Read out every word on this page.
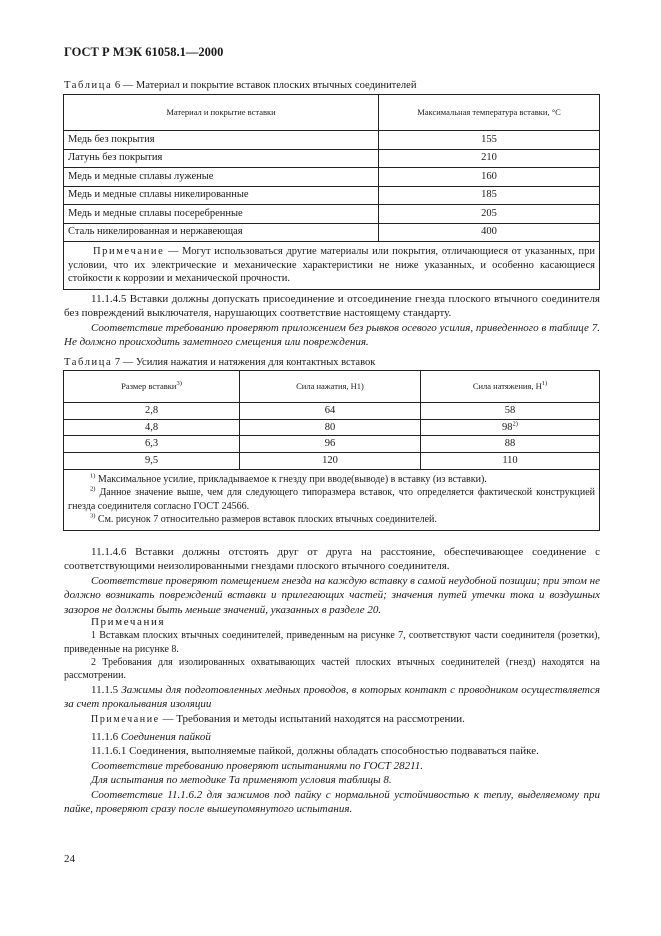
ГОСТ Р МЭК 61058.1—2000
Таблица 6 — Материал и покрытие вставок плоских втычных соединителей
Материал и покрытие вставки	Максимальная температура вставки, °С
Медь без покрытия	155
Латунь без покрытия	210
Медь и медные сплавы луженые	160
Медь и медные сплавы никелированные	185
Медь и медные сплавы посеребренные	205
Сталь никелированная и нержавеющая	400
Примечание — Могут использоваться другие материалы или покрытия, отличающиеся от указанных, при условии, что их электрические и механические характеристики не ниже указанных, и особенно касающиеся стойкости к коррозии и механической прочности.	
11.1.4.5 Вставки должны допускать присоединение и отсоединение гнезда плоского втычного соединителя без повреждений выключателя, нарушающих соответствие настоящему стандарту.
Соответствие требованию проверяют приложением без рывков осевого усилия, приведенного в таблице 7. Не должно происходить заметного смещения или повреждения.
Таблица 7 — Усилия нажатия и натяжения для контактных вставок
Размер вставки$^{3)}$	Сила нажатия, Н1)	Сила натяжения, $Н^{1)}$
2,8	64	58
4,8	80	98$^{2)}$
6,3	96	88
9,5	120	110

$^{1)}$ Максимальное усилие, прикладываемое к гнезду при вводе(выводе) в вставку (из вставки).

$^{2)}$ Данное значение выше, чем для следующего типоразмера вставок, что определяется фактической конструкцией гнезда соединителя согласно ГОСТ 24566.

$^{3)}$ См. рисунок 7 относительно размеров вставок плоских втычных соединителей.		

11.1.4.6 Вставки должны отстоять друг от друга на расстояние, обеспечивающее соединение с соответствующими неизолированными гнездами плоского втычного соединителя.
Соответствие проверяют помещением гнезда на каждую вставку в самой неудобной позиции; при этом не должно возникать повреждений вставки и прилегающих частей; значения путей утечки тока и воздушных зазоров не должны быть меньше значений, указанных в разделе 20.
Примечания
1 Вставкам плоских втычных соединителей, приведенным на рисунке 7, соответствуют части соединителя (розетки), приведенные на рисунке 8.
2 Требования для изолированных охватывающих частей плоских втычных соединителей (гнезд) находятся на рассмотрении.
11.1.5 Зажимы для подготовленных медных проводов, в которых контакт с проводником осуществляется за счет прокалывания изоляции
Примечание — Требования и методы испытаний находятся на рассмотрении.
11.1.6 Соединения пайкой
11.1.6.1 Соединения, выполняемые пайкой, должны обладать способностью подваваться пайке.
Соответствие требованию проверяют испытаниями по ГОСТ 28211.
Для испытания по методике Та применяют условия таблицы 8.
Соответствие 11.1.6.2 для зажимов под пайку с нормальной устойчивостью к теплу, выделяемому при пайке, проверяют сразу после вышеупомянутого испытания.
24
